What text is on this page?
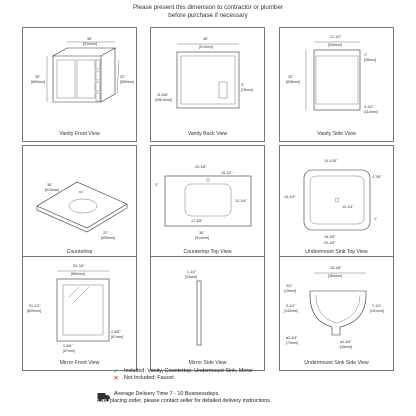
Please present this dimension to contractor or plumber
before purchase if necessary
36"
[914mm]
35"
[889mm]
22"
[559mm]
Vanity Front View
36"
[914mm]
11-5/8"
[296.5mm]
3"
[76mm]
Vanity Back View
21-1/2"
[546mm]
33"
[838mm]
1"
[26mm]
4-1/2"
[114mm]
Vanity Side View
36"
[914mm]
22"
[559mm]
Countertop
20-1/8"
15-1/2"
3"
17-3/8"
36"
[914mm]
12-1/4"
Countertop Top View
10-1/16"
4-7/8"
15-1/4"
12-1/4"
18-1/8"
20-1/8"
1"
Undermount Sink Top View
33-7/8"
[860mm]
31-1/2"
[800mm]
2-5/8"
[67mm]
2-5/8"
[67mm]
Mirror Front View
1-1/4"
[33mm]
Mirror Side View
15-1/8"
[384mm]
3/4"
[19mm]
5-1/4"
[133mm]
7-1/2"
[191mm]
ø2-3/4"
[70mm]	ø1-3/4"
[45mm]
Undermount Sink Side View
✓ Included: Vanity, Countertop, Undermount Sink, Mirror
✕ Not Included: Faucet
Average Delivery Time 7 - 10 Businessdays.
After placing order, please contact seller for detailed delivery instructions.
